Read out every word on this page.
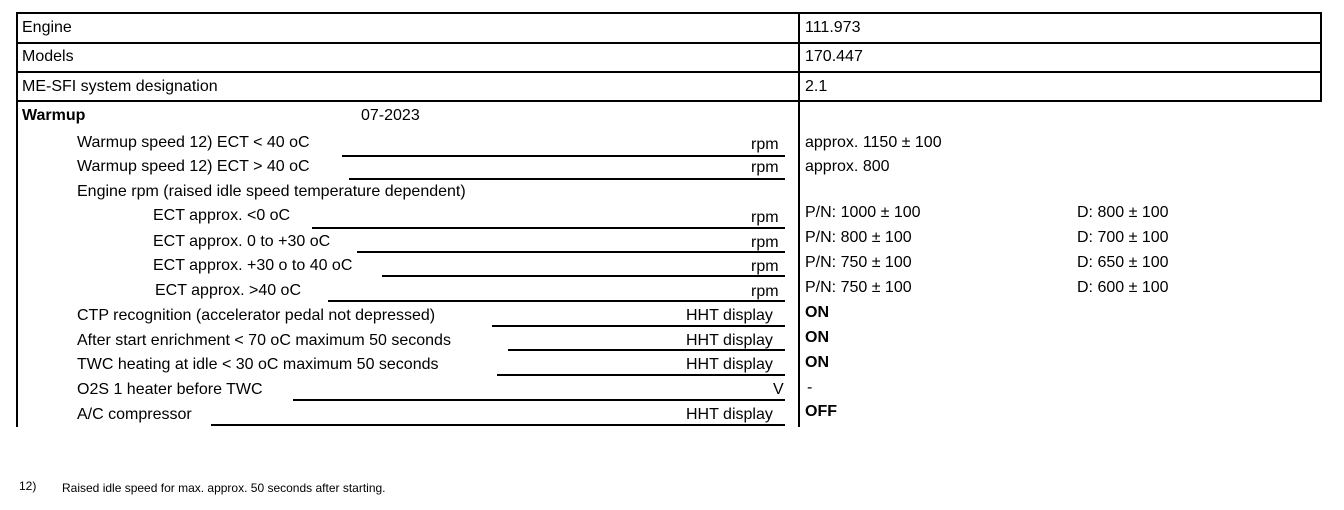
Engine	111.973
Models	170.447
ME-SFI system designation	2.1
Warmup	07-2023
Warmup speed 12) ECT < 40 oC	rpm approx. 1150 ± 100
Warmup speed 12) ECT > 40 oC	rpm approx. 800
Engine rpm (raised idle speed temperature dependent)
ECT approx. <0 oC	rpm P/N: 1000 ± 100	D: 800 ± 100
ECT approx. 0 to +30 oC	rpm P/N: 800 ± 100	D: 700 ± 100
ECT approx. +30 o to 40 oC	rpm P/N: 750 ± 100	D: 650 ± 100
ECT approx. >40 oC	rpm P/N: 750 ± 100	D: 600 ± 100
CTP recognition (accelerator pedal not depressed)	HHT display ON
After start enrichment < 70 oC maximum 50 seconds	HHT display ON
TWC heating at idle < 30 oC maximum 50 seconds	HHT display ON
O2S 1 heater before TWC	V -
A/C compressor	HHT display OFF
12) Raised idle speed for max. approx. 50 seconds after starting.
